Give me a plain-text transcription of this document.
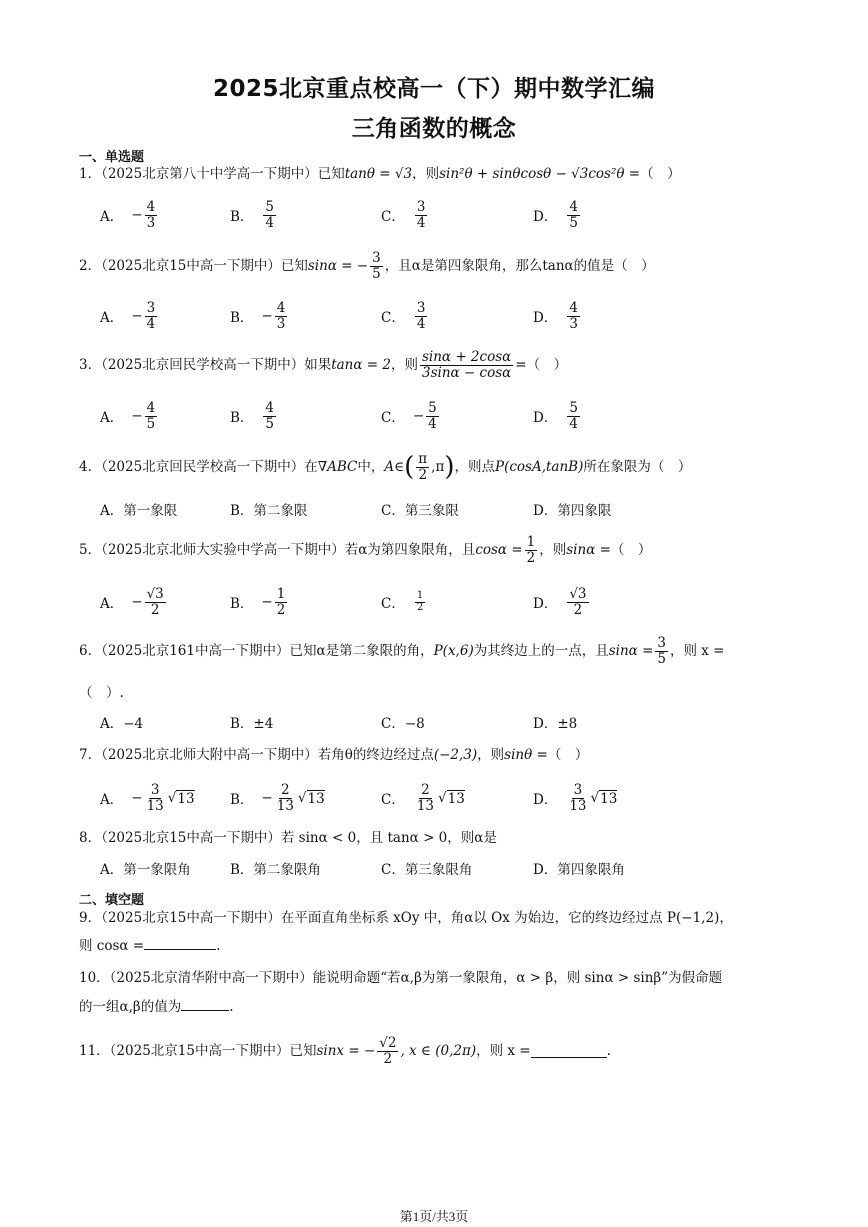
2025北京重点校高一（下）期中数学汇编
三角函数的概念
一、单选题
1．（2025北京第八十中学高一下期中）已知tanθ = √3，则sin²θ + sinθcosθ − √3cos²θ =（　）
A． − $\frac{4}{3}$	B． $\frac{5}{4}$	C． $\frac{3}{4}$	D． $\frac{4}{5}$
2．（2025北京15中高一下期中）已知 sinα = − $\frac{3}{5}$ ，且α是第四象限角，那么tanα的值是（　）
A． − $\frac{3}{4}$	B． − $\frac{4}{3}$	C． $\frac{3}{4}$	D． $\frac{4}{3}$
3．（2025北京回民学校高一下期中）如果 tanα = 2 ，则 $\frac{\sin\alpha + 2\cos\alpha}{3\sin\alpha - \cos\alpha}$ =（　）
A． − $\frac{4}{5}$	B． $\frac{4}{5}$	C． − $\frac{5}{4}$	D． $\frac{5}{4}$
4．（2025北京回民学校高一下期中）在 ∇ABC 中， A∈ ( $\frac{\pi}{2} ,\pi$ ) ，则点 P(cosA,tanB) 所在象限为（　）
A．第一象限	B．第二象限	C．第三象限	D．第四象限
5．（2025北京北师大实验中学高一下期中）若α为第四象限角，且 $\cos\alpha = \frac{1}{2}$ ，则 sinα = （　）
A． − $\frac{√3}{2}$	B． − $\frac{1}{2}$	C． $\frac{1}{2}$	D． $\frac{√3}{2}$
6．（2025北京161中高一下期中）已知α是第二象限的角， P(x,6) 为其终边上的一点，且 $\sin\alpha = \frac{3}{5}$ ，则 x =
（　）.
A．−4	B．±4	C．−8	D．±8
7．（2025北京北师大附中高一下期中）若角θ的终边经过点(−2,3)，则sinθ =（　）
A． − $\frac{3}{13}$ √ 13	B． − $\frac{2}{13}$ √ 13	C． $\frac{2}{13}$ √ 13	D． $\frac{3}{13}$ √ 13
8．（2025北京15中高一下期中）若 sinα < 0，且 tanα > 0，则α是
A．第一象限角	B．第二象限角	C．第三象限角	D．第四象限角
二、填空题
9．（2025北京15中高一下期中）在平面直角坐标系 xOy 中，角α以 Ox 为始边，它的终边经过点 P(−1,2)，
则 cosα =	.
10．（2025北京清华附中高一下期中）能说明命题“若α,β为第一象限角，α > β，则 sinα > sinβ”为假命题
的一组α,β的值为	.
11．（2025北京15中高一下期中）已知 sinx = − $\frac{√2}{2}$ , x ∈ (0,2π) ，则 x =	.
第1页/共3页
